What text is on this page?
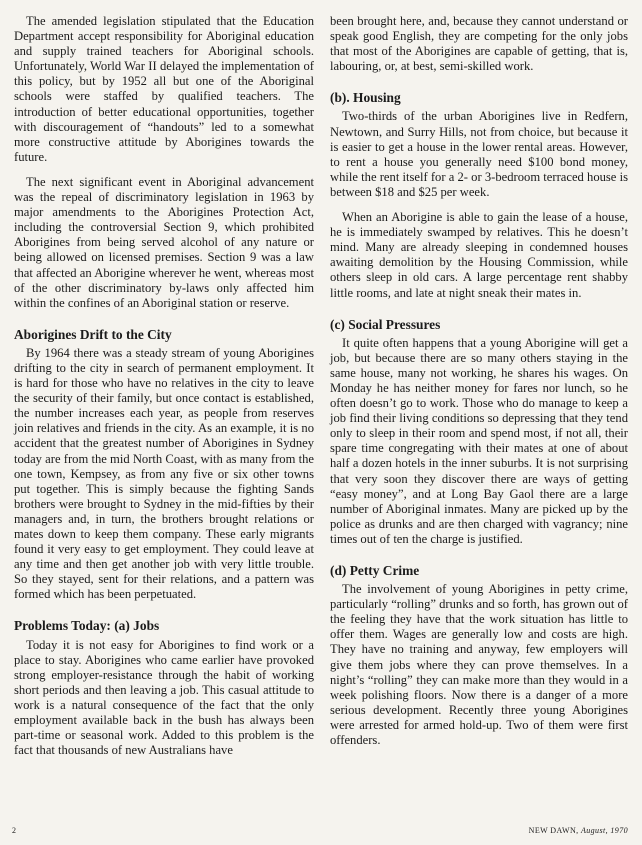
The amended legislation stipulated that the Education Department accept responsibility for Aboriginal education and supply trained teachers for Aboriginal schools. Unfortunately, World War II delayed the implementation of this policy, but by 1952 all but one of the Aboriginal schools were staffed by qualified teachers. The introduction of better educational opportunities, together with discouragement of “handouts” led to a somewhat more constructive attitude by Aborigines towards the future.

The next significant event in Aboriginal advancement was the repeal of discriminatory legislation in 1963 by major amendments to the Aborigines Protection Act, including the controversial Section 9, which prohibited Aborigines from being served alcohol of any nature or being allowed on licensed premises. Section 9 was a law that affected an Aborigine wherever he went, whereas most of the other discriminatory by-laws only affected him within the confines of an Aboriginal station or reserve.

Aborigines Drift to the City

By 1964 there was a steady stream of young Aborigines drifting to the city in search of permanent employment. It is hard for those who have no relatives in the city to leave the security of their family, but once contact is established, the number increases each year, as people from reserves join relatives and friends in the city. As an example, it is no accident that the greatest number of Aborigines in Sydney today are from the mid North Coast, with as many from the one town, Kempsey, as from any five or six other towns put together. This is simply because the fighting Sands brothers were brought to Sydney in the mid-fifties by their managers and, in turn, the brothers brought relations or mates down to keep them company. These early migrants found it very easy to get employment. They could leave at any time and then get another job with very little trouble. So they stayed, sent for their relations, and a pattern was formed which has been perpetuated.

Problems Today: (a) Jobs

Today it is not easy for Aborigines to find work or a place to stay. Aborigines who came earlier have provoked strong employer-resistance through the habit of working short periods and then leaving a job. This casual attitude to work is a natural consequence of the fact that the only employment available back in the bush has always been part-time or seasonal work. Added to this problem is the fact that thousands of new Australians have

been brought here, and, because they cannot understand or speak good English, they are competing for the only jobs that most of the Aborigines are capable of getting, that is, labouring, or, at best, semi-skilled work.

(b). Housing

Two-thirds of the urban Aborigines live in Redfern, Newtown, and Surry Hills, not from choice, but because it is easier to get a house in the lower rental areas. However, to rent a house you generally need $100 bond money, while the rent itself for a 2- or 3-bedroom terraced house is between $18 and $25 per week.

When an Aborigine is able to gain the lease of a house, he is immediately swamped by relatives. This he doesn’t mind. Many are already sleeping in condemned houses awaiting demolition by the Housing Commission, while others sleep in old cars. A large percentage rent shabby little rooms, and late at night sneak their mates in.

(c) Social Pressures

It quite often happens that a young Aborigine will get a job, but because there are so many others staying in the same house, many not working, he shares his wages. On Monday he has neither money for fares nor lunch, so he often doesn’t go to work. Those who do manage to keep a job find their living conditions so depressing that they tend only to sleep in their room and spend most, if not all, their spare time congregating with their mates at one of about half a dozen hotels in the inner suburbs. It is not surprising that very soon they discover there are ways of getting “easy money”, and at Long Bay Gaol there are a large number of Aboriginal inmates. Many are picked up by the police as drunks and are then charged with vagrancy; nine times out of ten the charge is justified.

(d) Petty Crime

The involvement of young Aborigines in petty crime, particularly “rolling” drunks and so forth, has grown out of the feeling they have that the work situation has little to offer them. Wages are generally low and costs are high. They have no training and anyway, few employers will give them jobs where they can prove themselves. In a night’s “rolling” they can make more than they would in a week polishing floors. Now there is a danger of a more serious development. Recently three young Aborigines were arrested for armed hold-up. Two of them were first offenders.

2	NEW DAWN, August, 1970
